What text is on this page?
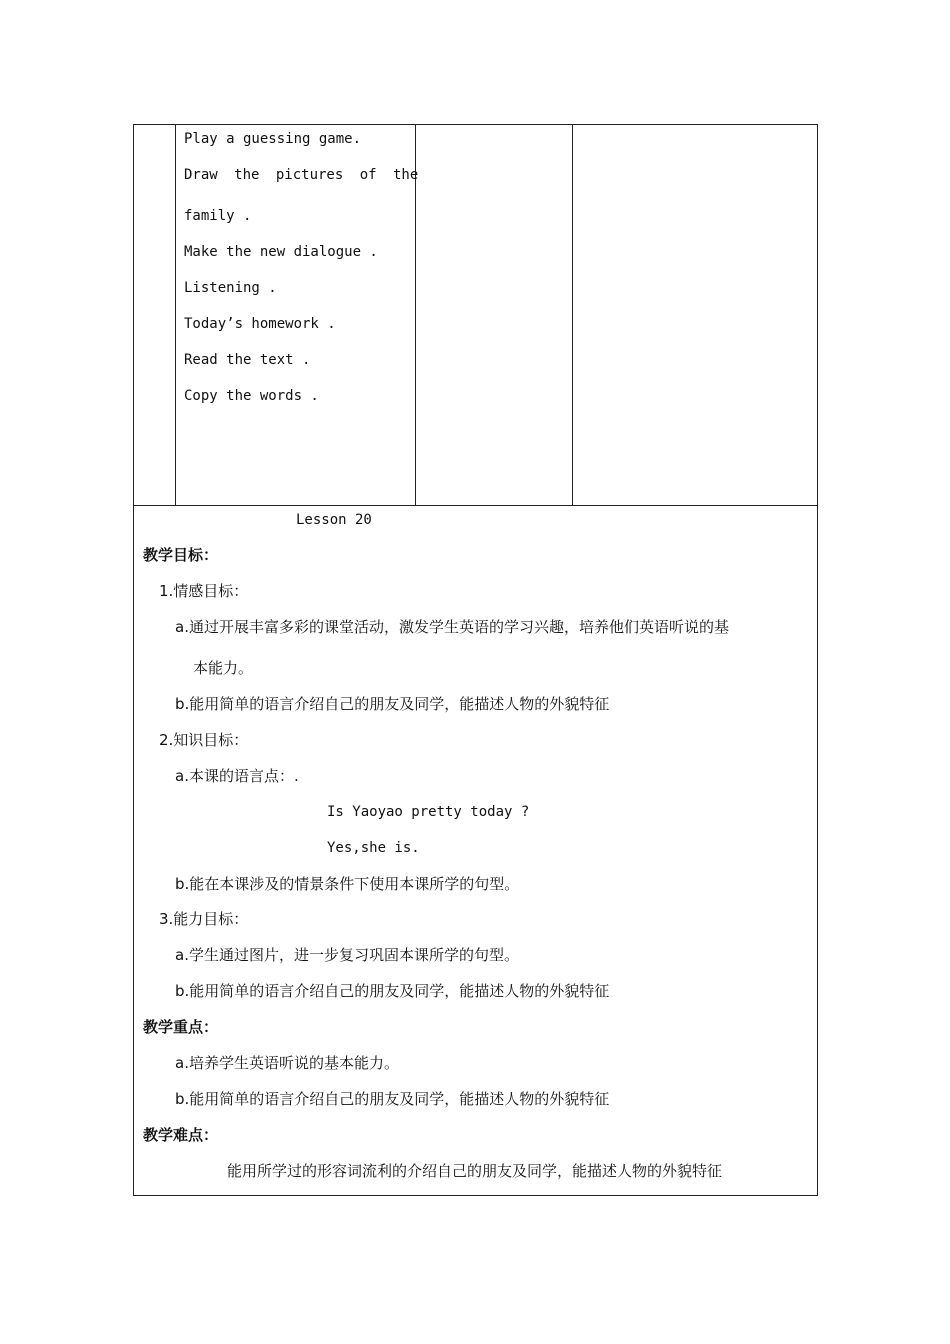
Play a guessing game.
Draw the pictures of the
family .
Make the new dialogue .
Listening .
Today’s homework .
Read the text .
Copy the words .
Lesson 20
教学目标：
1.情感目标：
a.通过开展丰富多彩的课堂活动，激发学生英语的学习兴趣，培养他们英语听说的基
本能力。
b.能用简单的语言介绍自己的朋友及同学，能描述人物的外貌特征
2.知识目标：
a.本课的语言点：.
Is Yaoyao pretty today ?
Yes,she is.
b.能在本课涉及的情景条件下使用本课所学的句型。
3.能力目标：
a.学生通过图片，进一步复习巩固本课所学的句型。
b.能用简单的语言介绍自己的朋友及同学，能描述人物的外貌特征
教学重点：
a.培养学生英语听说的基本能力。
b.能用简单的语言介绍自己的朋友及同学，能描述人物的外貌特征
教学难点：
能用所学过的形容词流利的介绍自己的朋友及同学，能描述人物的外貌特征
